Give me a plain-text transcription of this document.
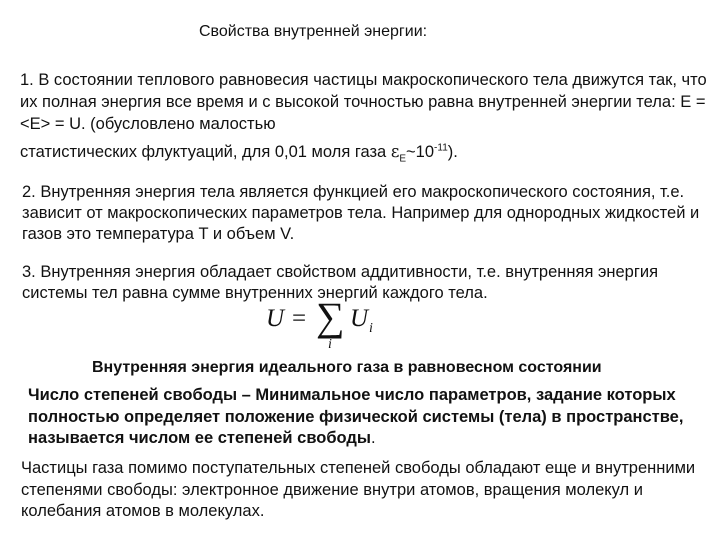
Свойства внутренней энергии:
1. В состоянии теплового равновесия частицы макроскопического тела движутся так, что их полная энергия все время и с высокой точностью равна внутренней энергии тела: E = <E> = U. (обусловлено малостью
статистических флуктуаций, для 0,01 моля газа $\varepsilon_E\sim 10^{-11}$).
2. Внутренняя энергия тела является функцией его макроскопического состояния, т.е. зависит от макроскопических параметров тела. Например для однородных жидкостей и газов это температура T и объем V.
3. Внутренняя энергия обладает свойством аддитивности, т.е. внутренняя энергия системы тел равна сумме внутренних энергий каждого тела.
U = ∑ U i
i
Внутренняя энергия идеального газа в равновесном состоянии
Число степеней свободы – Минимальное число параметров, задание которых полностью определяет положение физической системы (тела) в пространстве, называется числом ее степеней свободы.
Частицы газа помимо поступательных степеней свободы обладают еще и внутренними степенями свободы: электронное движение внутри атомов, вращения молекул и колебания атомов в молекулах.
